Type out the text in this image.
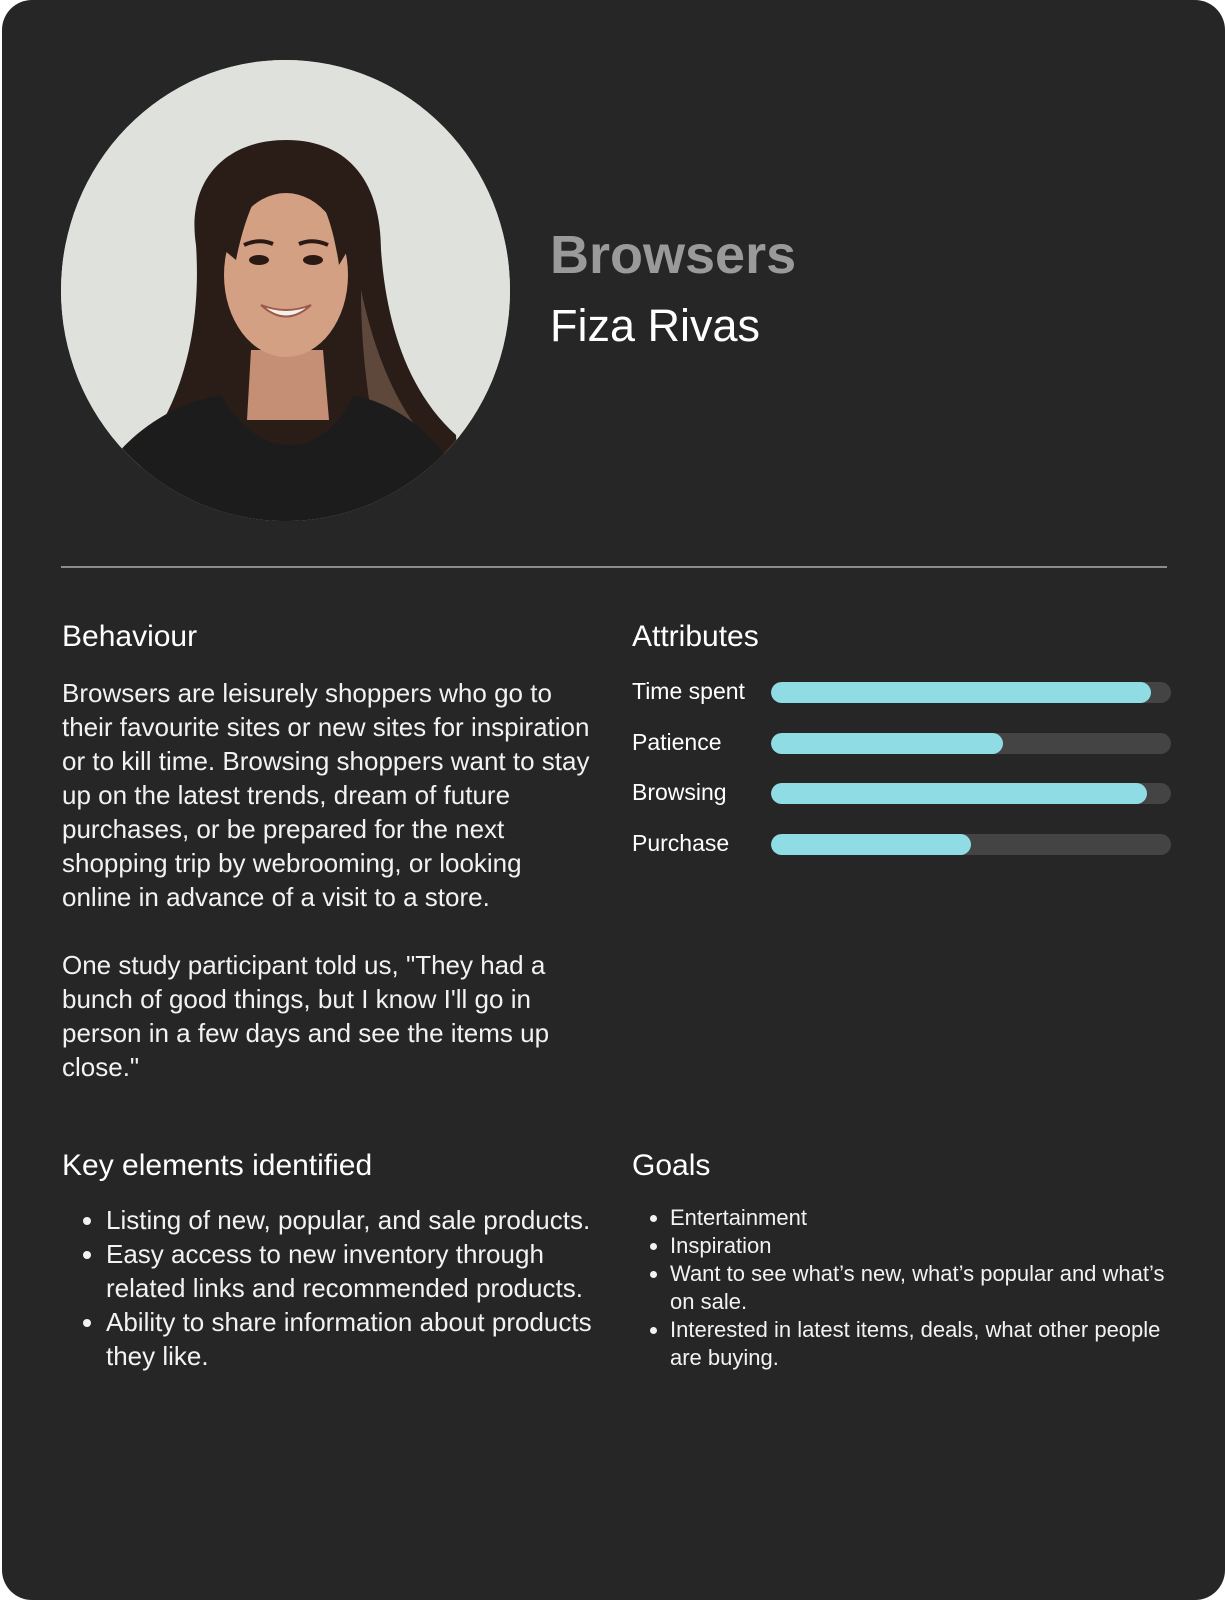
Browsers
Fiza Rivas
Behaviour

Browsers are leisurely shoppers who go to their favourite sites or new sites for inspiration or to kill time. Browsing shoppers want to stay up on the latest trends, dream of future purchases, or be prepared for the next shopping trip by webrooming, or looking online in advance of a visit to a store.

One study participant told us, "They had a bunch of good things, but I know I'll go in person in a few days and see the items up close."

Attributes
Time spent
Patience
Browsing
Purchase
Key elements identified
• Listing of new, popular, and sale products.
• Easy access to new inventory through related links and recommended products.
• Ability to share information about products they like.
Goals
• Entertainment
• Inspiration
• Want to see what’s new, what’s popular and what’s on sale.
• Interested in latest items, deals, what other people are buying.
